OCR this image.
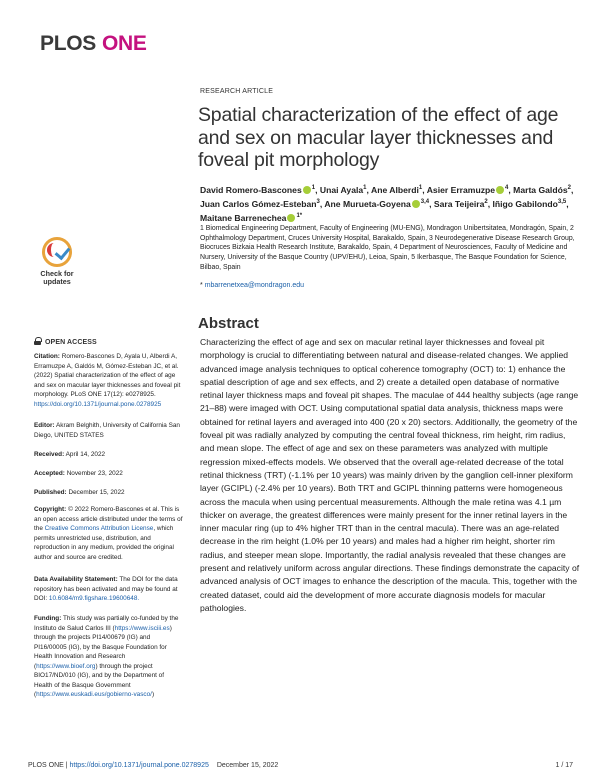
PLOS ONE
RESEARCH ARTICLE
Spatial characterization of the effect of age and sex on macular layer thicknesses and foveal pit morphology
David Romero-Bascones $^1$, Unai Ayala$^1$, Ane Alberdi$^1$, Asier Erramuzpe $^4$, Marta Galdós$^2$, Juan Carlos Gómez-Esteban$^3$, Ane Murueta-Goyena $^{3,4}$, Sara Teijeira$^2$, Iñigo Gabilondo$^{3,5}$, Maitane Barrenechea $^{1*}$
1 Biomedical Engineering Department, Faculty of Engineering (MU-ENG), Mondragon Unibertsitatea, Mondragón, Spain, 2 Ophthalmology Department, Cruces University Hospital, Barakaldo, Spain, 3 Neurodegenerative Disease Research Group, Biocruces Bizkaia Health Research Institute, Barakaldo, Spain, 4 Department of Neurosciences, Faculty of Medicine and Nursery, University of the Basque Country (UPV/EHU), Leioa, Spain, 5 Ikerbasque, The Basque Foundation for Science, Bilbao, Spain
* mbarrenetxea@mondragon.edu
Check for
updates
OPEN ACCESS
Citation: Romero-Bascones D, Ayala U, Alberdi A, Erramuzpe A, Galdós M, Gómez-Esteban JC, et al. (2022) Spatial characterization of the effect of age and sex on macular layer thicknesses and foveal pit morphology. PLoS ONE 17(12): e0278925. https://doi.org/10.1371/journal.pone.0278925
Editor: Akram Belghith, University of California San Diego, UNITED STATES
Received: April 14, 2022
Accepted: November 23, 2022
Published: December 15, 2022
Copyright: © 2022 Romero-Bascones et al. This is an open access article distributed under the terms of the Creative Commons Attribution License, which permits unrestricted use, distribution, and reproduction in any medium, provided the original author and source are credited.
Data Availability Statement: The DOI for the data repository has been activated and may be found at DOI: 10.6084/m9.figshare.19600648.
Funding: This study was partially co-funded by the Instituto de Salud Carlos III (https://www.isciii.es) through the projects PI14/00679 (IG) and PI16/00005 (IG), by the Basque Foundation for Health Innovation and Research (https://www.bioef.org) through the project BIO17/ND/010 (IG), and by the Department of Health of the Basque Government (https://www.euskadi.eus/gobierno-vasco/)
Abstract

Characterizing the effect of age and sex on macular retinal layer thicknesses and foveal pit morphology is crucial to differentiating between natural and disease-related changes. We applied advanced image analysis techniques to optical coherence tomography (OCT) to: 1) enhance the spatial description of age and sex effects, and 2) create a detailed open database of normative retinal layer thickness maps and foveal pit shapes. The maculae of 444 healthy subjects (age range 21–88) were imaged with OCT. Using computational spatial data analysis, thickness maps were obtained for retinal layers and averaged into 400 (20 x 20) sectors. Additionally, the geometry of the foveal pit was radially analyzed by computing the central foveal thickness, rim height, rim radius, and mean slope. The effect of age and sex on these parameters was analyzed with multiple regression mixed-effects models. We observed that the overall age-related decrease of the total retinal thickness (TRT) (-1.1% per 10 years) was mainly driven by the ganglion cell-inner plexiform layer (GCIPL) (-2.4% per 10 years). Both TRT and GCIPL thinning patterns were homogeneous across the macula when using percentual measurements. Although the male retina was 4.1 µm thicker on average, the greatest differences were mainly present for the inner retinal layers in the inner macular ring (up to 4% higher TRT than in the central macula). There was an age-related decrease in the rim height (1.0% per 10 years) and males had a higher rim height, shorter rim radius, and steeper mean slope. Importantly, the radial analysis revealed that these changes are present and relatively uniform across angular directions. These findings demonstrate the capacity of advanced analysis of OCT images to enhance the description of the macula. This, together with the created dataset, could aid the development of more accurate diagnosis models for macular pathologies.

PLOS ONE | https://doi.org/10.1371/journal.pone.0278925 December 15, 2022	1 / 17
